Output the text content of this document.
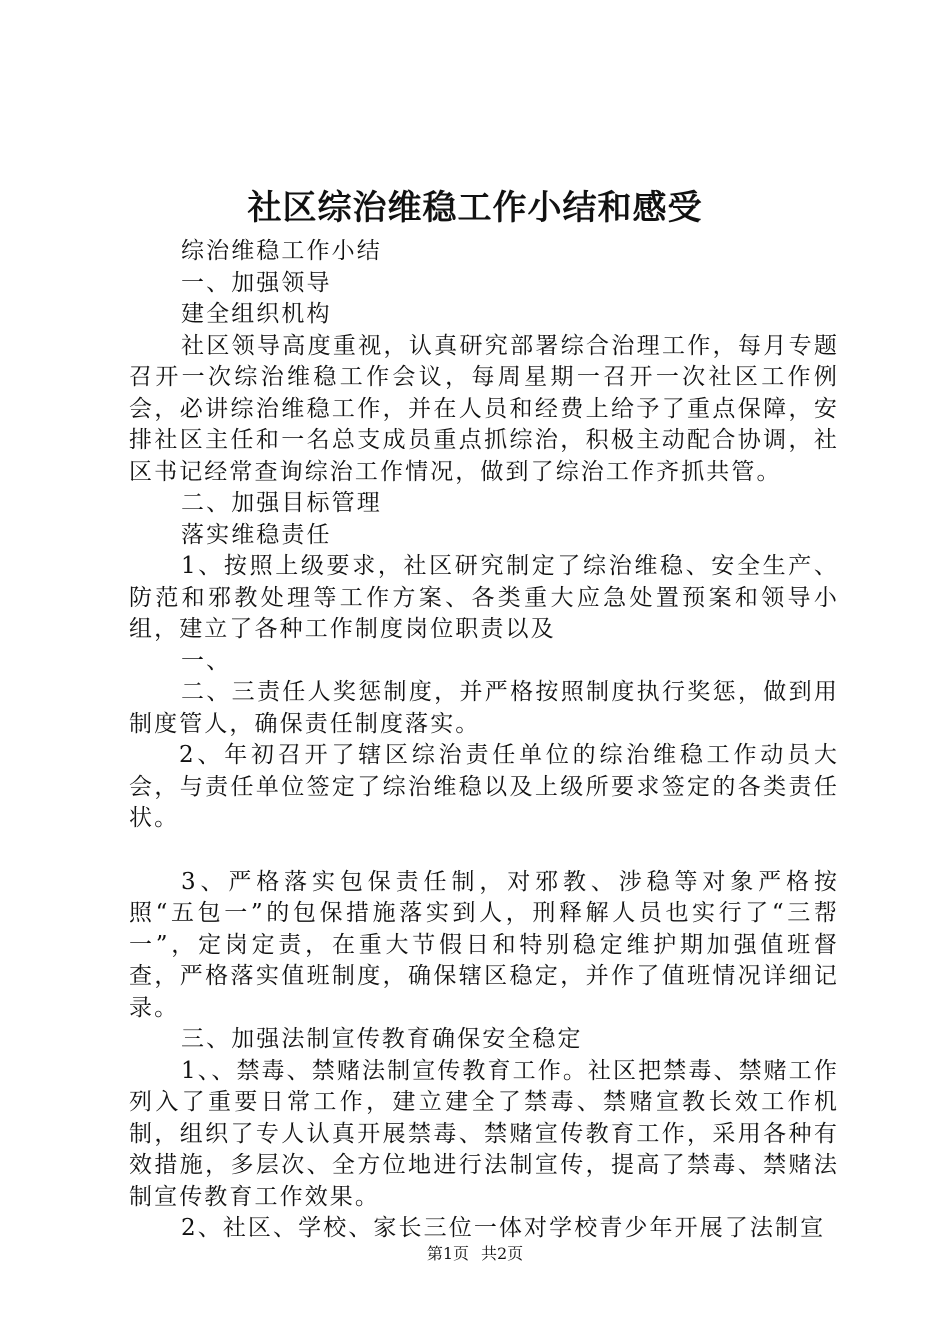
社区综治维稳工作小结和感受

综治维稳工作小结

一、加强领导

建全组织机构

社区领导高度重视，认真研究部署综合治理工作，每月专题召开一次综治维稳工作会议，每周星期一召开一次社区工作例会，必讲综治维稳工作，并在人员和经费上给予了重点保障，安排社区主任和一名总支成员重点抓综治，积极主动配合协调，社区书记经常查询综治工作情况，做到了综治工作齐抓共管。

二、加强目标管理

落实维稳责任

1、按照上级要求，社区研究制定了综治维稳、安全生产、防范和邪教处理等工作方案、各类重大应急处置预案和领导小组，建立了各种工作制度岗位职责以及

一、

二、三责任人奖惩制度，并严格按照制度执行奖惩，做到用制度管人，确保责任制度落实。

2、年初召开了辖区综治责任单位的综治维稳工作动员大会，与责任单位签定了综治维稳以及上级所要求签定的各类责任状。

3、严格落实包保责任制，对邪教、涉稳等对象严格按照“五包一”的包保措施落实到人，刑释解人员也实行了“三帮一”，定岗定责，在重大节假日和特别稳定维护期加强值班督查，严格落实值班制度，确保辖区稳定，并作了值班情况详细记录。

三、加强法制宣传教育确保安全稳定

1、、禁毒、禁赌法制宣传教育工作。社区把禁毒、禁赌工作列入了重要日常工作，建立建全了禁毒、禁赌宣教长效工作机制，组织了专人认真开展禁毒、禁赌宣传教育工作，采用各种有效措施，多层次、全方位地进行法制宣传，提高了禁毒、禁赌法制宣传教育工作效果。

2、社区、学校、家长三位一体对学校青少年开展了法制宣

第1页 共2页
